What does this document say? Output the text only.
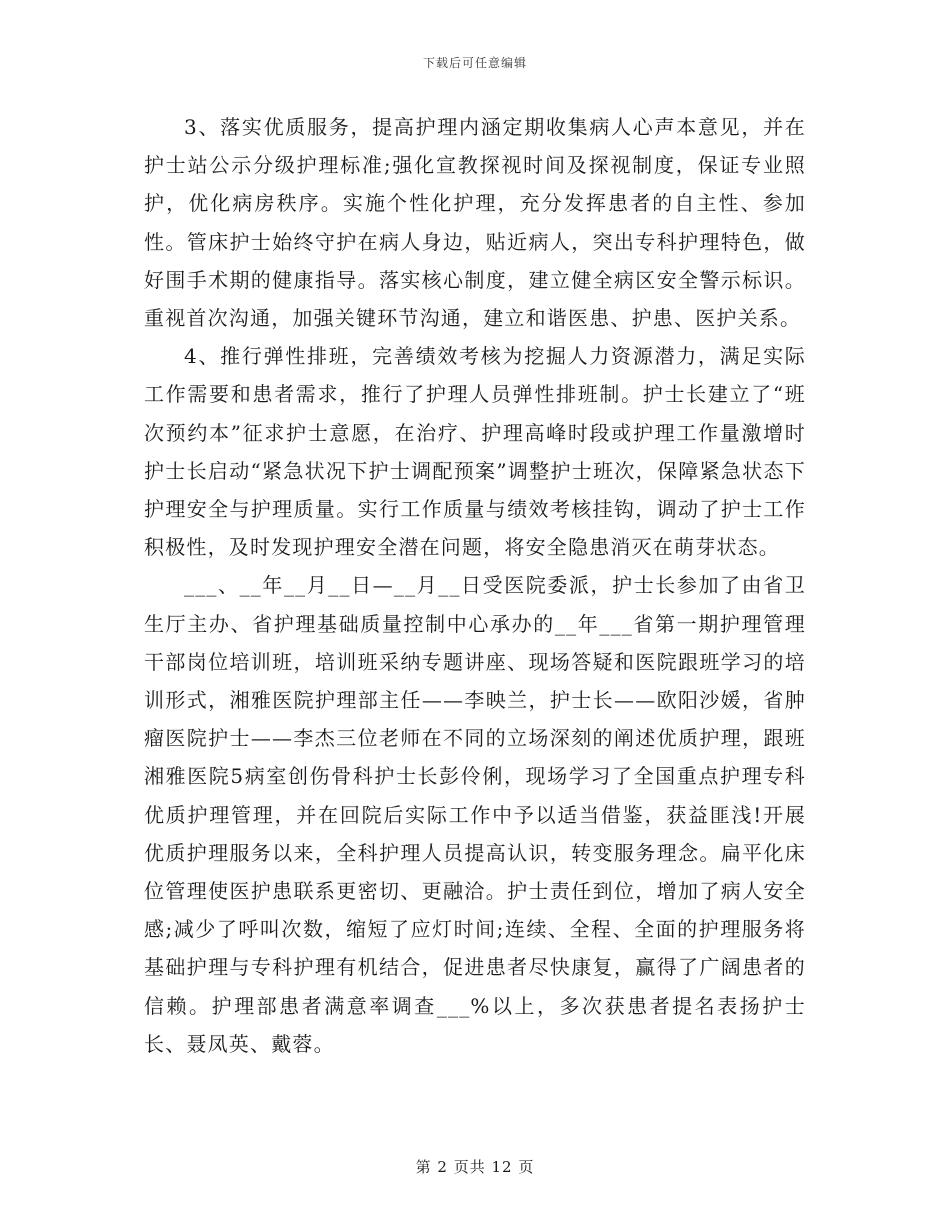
下载后可任意编辑

3、落实优质服务，提高护理内涵定期收集病人心声本意见，并在护士站公示分级护理标准;强化宣教探视时间及探视制度，保证专业照护，优化病房秩序。实施个性化护理，充分发挥患者的自主性、参加性。管床护士始终守护在病人身边，贴近病人，突出专科护理特色，做好围手术期的健康指导。落实核心制度，建立健全病区安全警示标识。重视首次沟通，加强关键环节沟通，建立和谐医患、护患、医护关系。

4、推行弹性排班，完善绩效考核为挖掘人力资源潜力，满足实际工作需要和患者需求，推行了护理人员弹性排班制。护士长建立了“班次预约本”征求护士意愿，在治疗、护理高峰时段或护理工作量激增时护士长启动“紧急状况下护士调配预案”调整护士班次，保障紧急状态下护理安全与护理质量。实行工作质量与绩效考核挂钩，调动了护士工作积极性，及时发现护理安全潜在问题，将安全隐患消灭在萌芽状态。

___、__年__月__日—__月__日受医院委派，护士长参加了由省卫生厅主办、省护理基础质量控制中心承办的__年___省第一期护理管理干部岗位培训班，培训班采纳专题讲座、现场答疑和医院跟班学习的培训形式，湘雅医院护理部主任——李映兰，护士长——欧阳沙媛，省肿瘤医院护士——李杰三位老师在不同的立场深刻的阐述优质护理，跟班湘雅医院5病室创伤骨科护士长彭伶俐，现场学习了全国重点护理专科优质护理管理，并在回院后实际工作中予以适当借鉴，获益匪浅!开展优质护理服务以来，全科护理人员提高认识，转变服务理念。扁平化床位管理使医护患联系更密切、更融洽。护士责任到位，增加了病人安全感;减少了呼叫次数，缩短了应灯时间;连续、全程、全面的护理服务将基础护理与专科护理有机结合，促进患者尽快康复，赢得了广阔患者的信赖。护理部患者满意率调查___%以上，多次获患者提名表扬护士长、聂凤英、戴蓉。

第 2 页共 12 页
